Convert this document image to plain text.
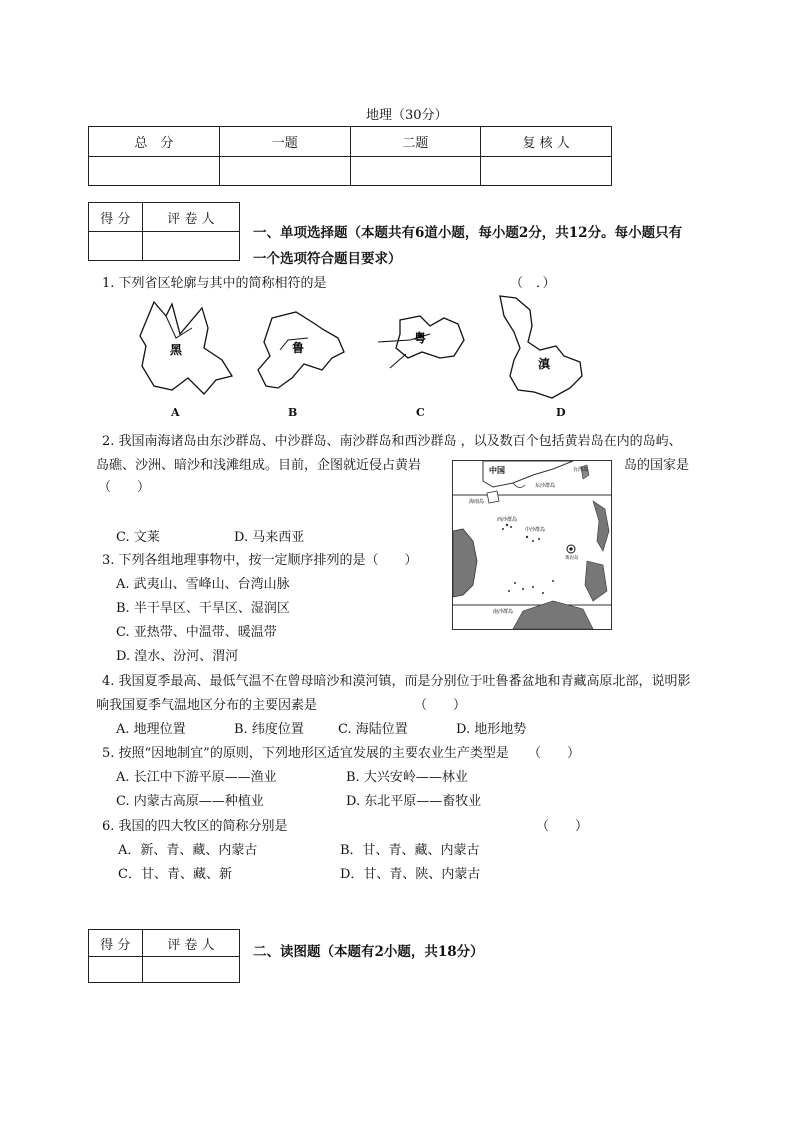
地理（30分）
总　分	一题	二题	复 核 人

得 分	评 卷 人

一、单项选择题（本题共有6道小题，每小题2分，共12分。每小题只有
一个选项符合题目要求）
1. 下列省区轮廓与其中的简称相符的是	（　．）
黑
A
鲁
B
粤
C
滇
D
2. 我国南海诸岛由东沙群岛、中沙群岛、南沙群岛和西沙群岛 ，以及数百个包括黄岩岛在内的岛屿、
岛礁、沙洲、暗沙和浅滩组成。目前，企图就近侵占黄岩	岛的国家是
（　　）
C. 文莱	D. 马来西亚
中国
东沙群岛
台湾岛
海南岛
西沙群岛
中沙群岛
黄岩岛
南沙群岛
3. 下列各组地理事物中，按一定顺序排列的是（　　）
A. 武夷山、雪峰山、台湾山脉
B. 半干旱区、干旱区、湿润区
C. 亚热带、中温带、暖温带
D. 湟水、汾河、渭河
4. 我国夏季最高、最低气温不在曾母暗沙和漠河镇，而是分别位于吐鲁番盆地和青藏高原北部，说明影
响我国夏季气温地区分布的主要因素是	（　　）
A. 地理位置	B. 纬度位置	C. 海陆位置	D. 地形地势
5. 按照“因地制宜”的原则，下列地形区适宜发展的主要农业生产类型是 （　　）
A. 长江中下游平原——渔业	B. 大兴安岭——林业
C. 内蒙古高原——种植业	D. 东北平原——畜牧业
6. 我国的四大牧区的简称分别是	（　　）
A．新、青、藏、内蒙古	B．甘、青、藏、内蒙古
C．甘、青、藏、新	D．甘、青、陕、内蒙古
得 分	评 卷 人
		二、读图题（本题有2小题，共18分）
